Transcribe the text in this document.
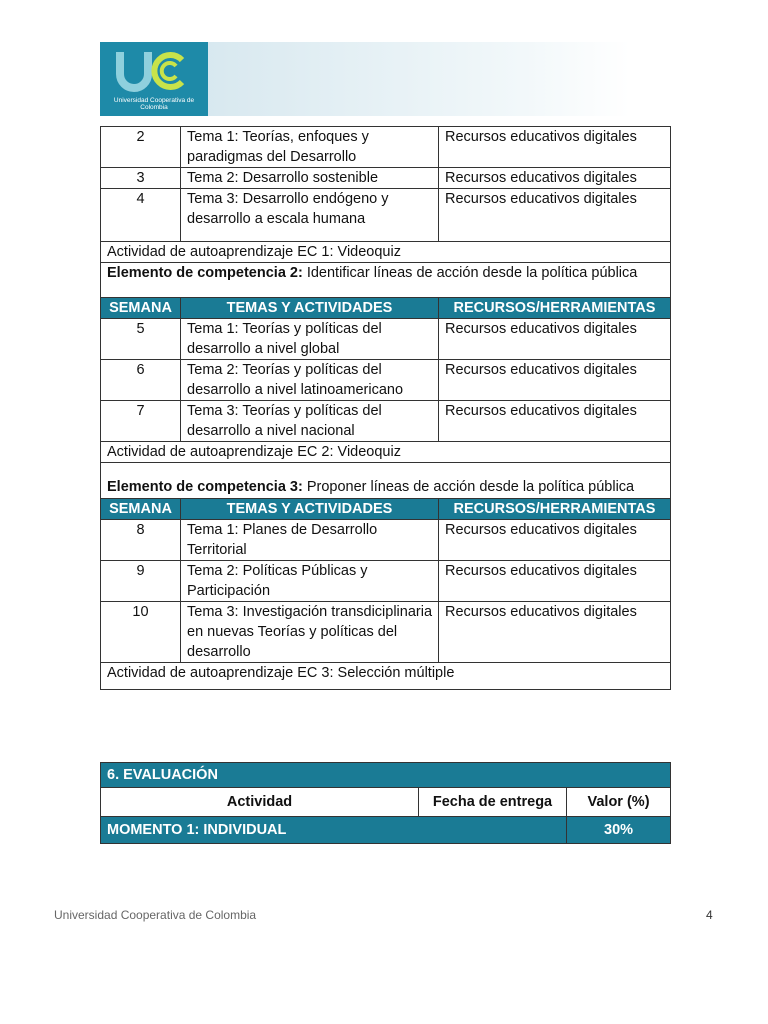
Universidad Cooperativa de Colombia
2	Tema 1: Teorías, enfoques y paradigmas del Desarrollo	Recursos educativos digitales
3	Tema 2: Desarrollo sostenible	Recursos educativos digitales
4	Tema 3: Desarrollo endógeno y desarrollo a escala humana	Recursos educativos digitales
Actividad de autoaprendizaje EC 1: Videoquiz		
Elemento de competencia 2: Identificar líneas de acción desde la política pública		
SEMANA	TEMAS Y ACTIVIDADES	RECURSOS/HERRAMIENTAS
5	Tema 1: Teorías y políticas del desarrollo a nivel global	Recursos educativos digitales
6	Tema 2: Teorías y políticas del desarrollo a nivel latinoamericano	Recursos educativos digitales
7	Tema 3: Teorías y políticas del desarrollo a nivel nacional	Recursos educativos digitales
Actividad de autoaprendizaje EC 2: Videoquiz		
Elemento de competencia 3: Proponer líneas de acción desde la política pública		
SEMANA	TEMAS Y ACTIVIDADES	RECURSOS/HERRAMIENTAS
8	Tema 1: Planes de Desarrollo Territorial	Recursos educativos digitales
9	Tema 2: Políticas Públicas y Participación	Recursos educativos digitales
10	Tema 3: Investigación transdiciplinaria en nuevas Teorías y políticas del desarrollo	Recursos educativos digitales
Actividad de autoaprendizaje EC 3: Selección múltiple		
6. EVALUACIÓN		
Actividad	Fecha de entrega	Valor (%)
MOMENTO 1: INDIVIDUAL		30%
Universidad Cooperativa de Colombia	4
